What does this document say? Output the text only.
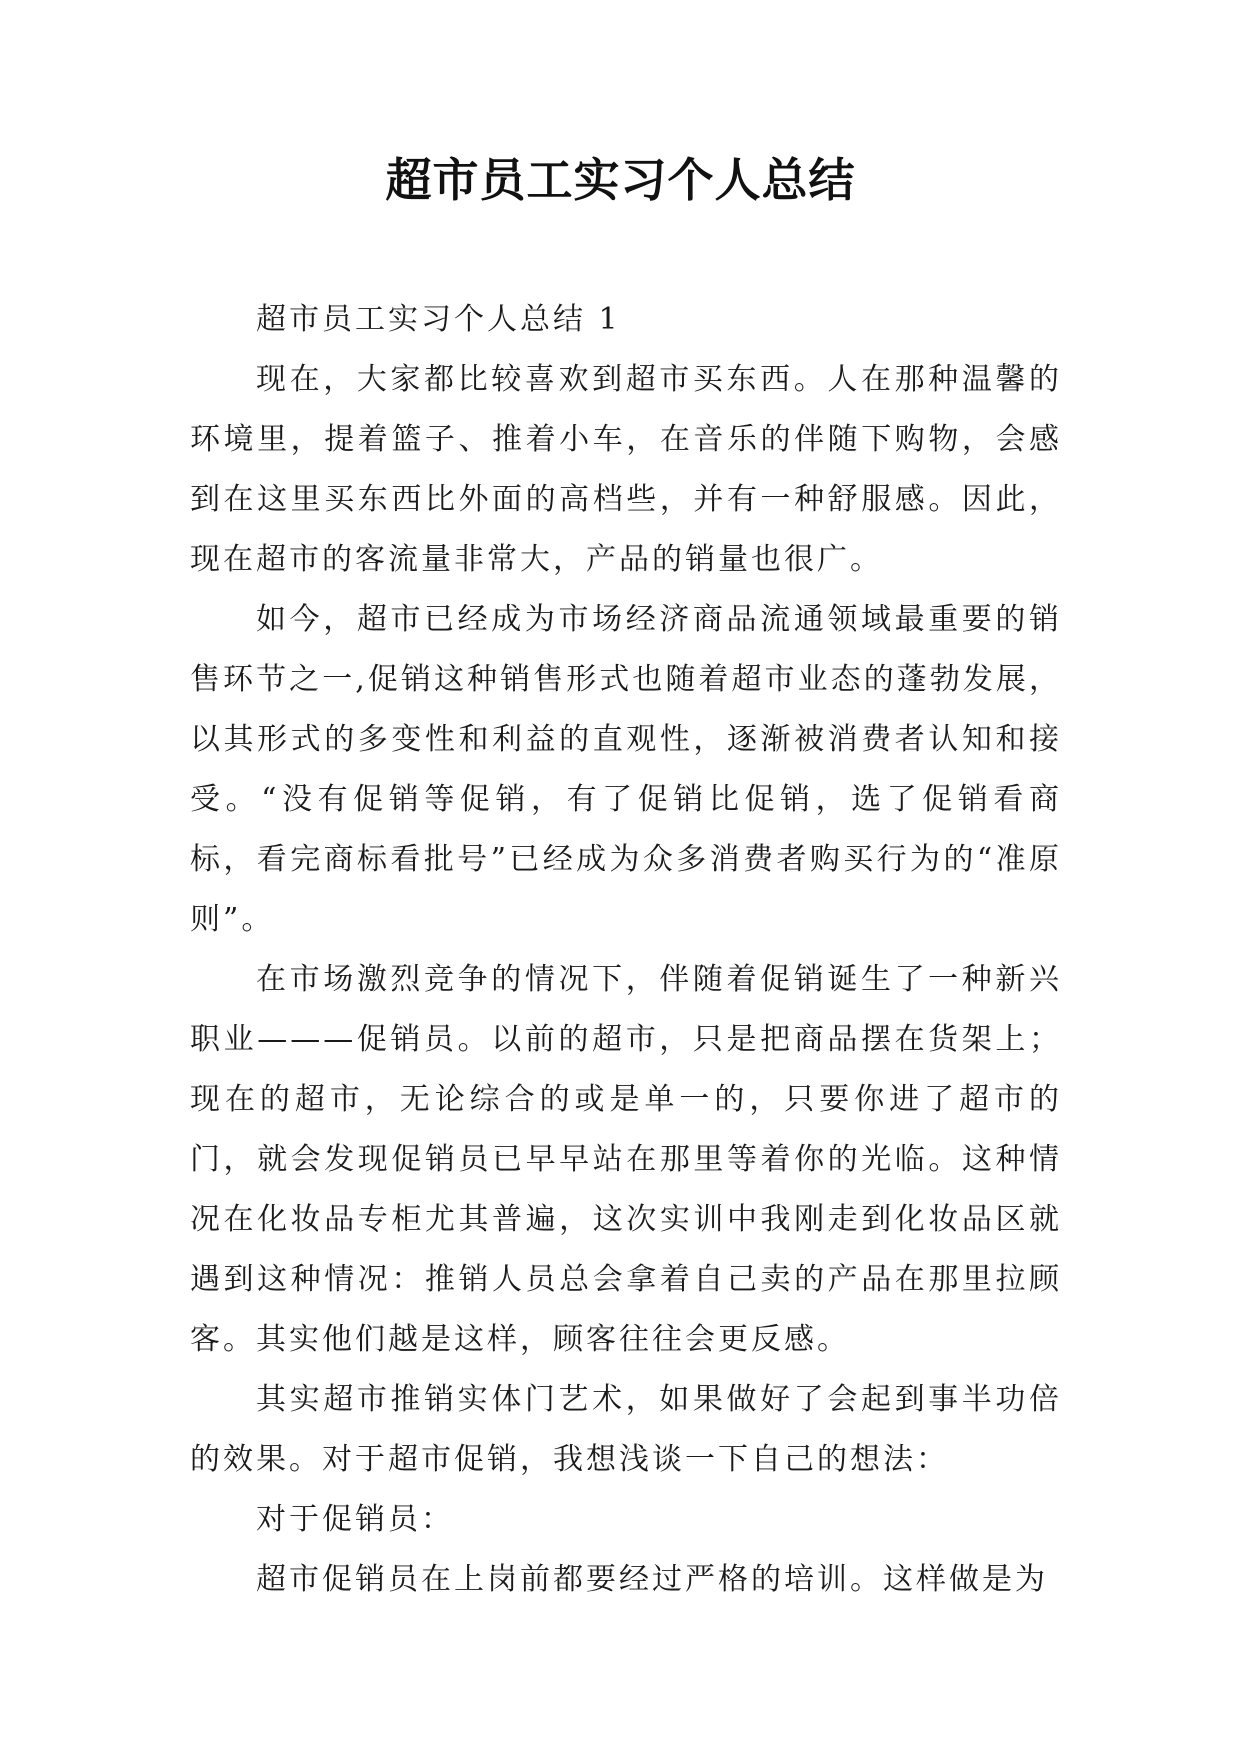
超市员工实习个人总结

超市员工实习个人总结 1

现在，大家都比较喜欢到超市买东西。人在那种温馨的环境里，提着篮子、推着小车，在音乐的伴随下购物，会感到在这里买东西比外面的高档些，并有一种舒服感。因此，现在超市的客流量非常大，产品的销量也很广。

如今，超市已经成为市场经济商品流通领域最重要的销售环节之一,促销这种销售形式也随着超市业态的蓬勃发展，以其形式的多变性和利益的直观性，逐渐被消费者认知和接受。“没有促销等促销，有了促销比促销，选了促销看商标，看完商标看批号”已经成为众多消费者购买行为的“准原则”。

在市场激烈竞争的情况下，伴随着促销诞生了一种新兴职业———促销员。以前的超市，只是把商品摆在货架上；现在的超市，无论综合的或是单一的，只要你进了超市的门，就会发现促销员已早早站在那里等着你的光临。这种情况在化妆品专柜尤其普遍，这次实训中我刚走到化妆品区就遇到这种情况：推销人员总会拿着自己卖的产品在那里拉顾客。其实他们越是这样，顾客往往会更反感。

其实超市推销实体门艺术，如果做好了会起到事半功倍的效果。对于超市促销，我想浅谈一下自己的想法：

对于促销员：

超市促销员在上岗前都要经过严格的培训。这样做是为
